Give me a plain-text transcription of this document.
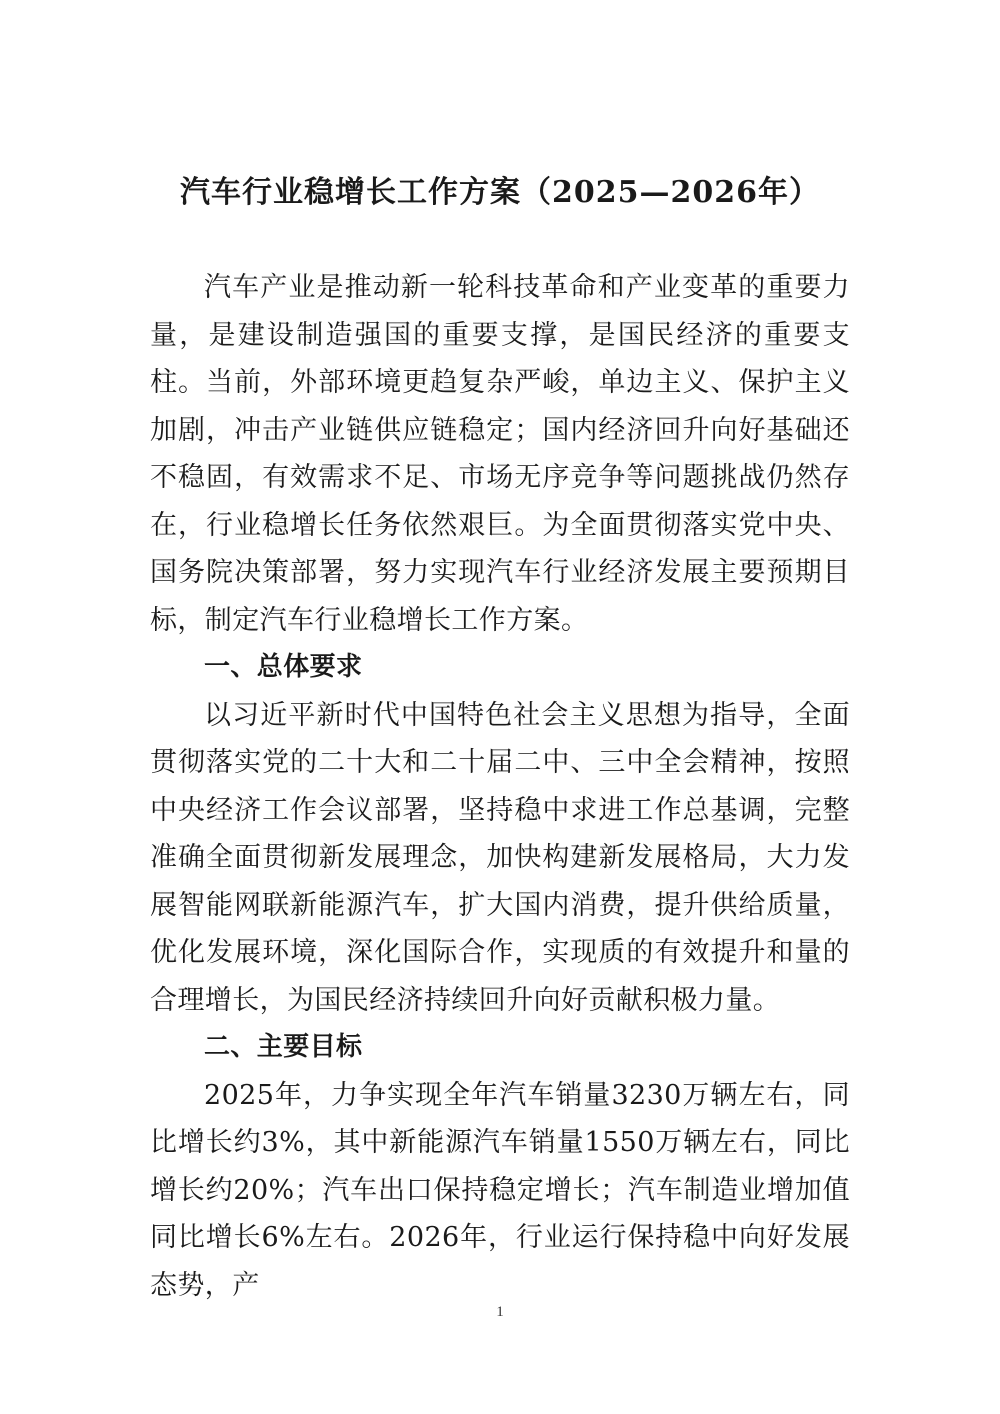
汽车行业稳增长工作方案（2025—2026年）

汽车产业是推动新一轮科技革命和产业变革的重要力量，是建设制造强国的重要支撑，是国民经济的重要支柱。当前，外部环境更趋复杂严峻，单边主义、保护主义加剧，冲击产业链供应链稳定；国内经济回升向好基础还不稳固，有效需求不足、市场无序竞争等问题挑战仍然存在，行业稳增长任务依然艰巨。为全面贯彻落实党中央、国务院决策部署，努力实现汽车行业经济发展主要预期目标，制定汽车行业稳增长工作方案。

一、总体要求

以习近平新时代中国特色社会主义思想为指导，全面贯彻落实党的二十大和二十届二中、三中全会精神，按照中央经济工作会议部署，坚持稳中求进工作总基调，完整准确全面贯彻新发展理念，加快构建新发展格局，大力发展智能网联新能源汽车，扩大国内消费，提升供给质量，优化发展环境，深化国际合作，实现质的有效提升和量的合理增长，为国民经济持续回升向好贡献积极力量。

二、主要目标

2025年，力争实现全年汽车销量3230万辆左右，同比增长约3%，其中新能源汽车销量1550万辆左右，同比增长约20%；汽车出口保持稳定增长；汽车制造业增加值同比增长6%左右。2026年，行业运行保持稳中向好发展态势，产

1
